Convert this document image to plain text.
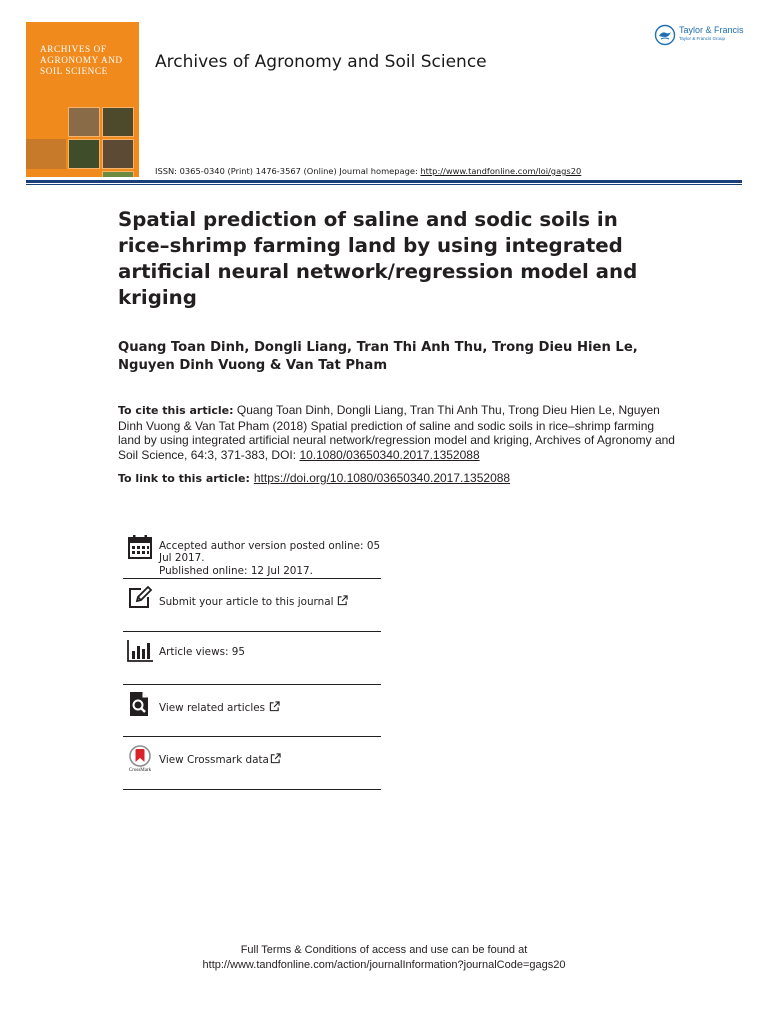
ARCHIVES OF AGRONOMY AND SOIL SCIENCE	Archives of Agronomy and Soil Science
ISSN: 0365-0340 (Print) 1476-3567 (Online) Journal homepage: http://www.tandfonline.com/loi/gags20
Taylor & Francis
Taylor & Francis Group
Spatial prediction of saline and sodic soils in rice–shrimp farming land by using integrated artificial neural network/regression model and kriging
Quang Toan Dinh, Dongli Liang, Tran Thi Anh Thu, Trong Dieu Hien Le, Nguyen Dinh Vuong & Van Tat Pham
To cite this article: Quang Toan Dinh, Dongli Liang, Tran Thi Anh Thu, Trong Dieu Hien Le, Nguyen Dinh Vuong & Van Tat Pham (2018) Spatial prediction of saline and sodic soils in rice–shrimp farming land by using integrated artificial neural network/regression model and kriging, Archives of Agronomy and Soil Science, 64:3, 371-383, DOI: 10.1080/03650340.2017.1352088
To link to this article: https://doi.org/10.1080/03650340.2017.1352088
Accepted author version posted online: 05 Jul 2017.
Published online: 12 Jul 2017.
Submit your article to this journal
Article views: 95
View related articles
CrossMark
View Crossmark data
Full Terms & Conditions of access and use can be found at
http://www.tandfonline.com/action/journalInformation?journalCode=gags20
